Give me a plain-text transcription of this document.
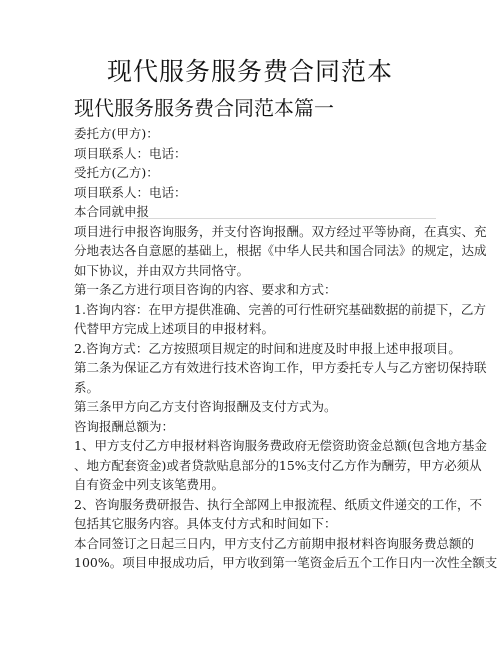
现代服务服务费合同范本
现代服务服务费合同范本篇一
委托方(甲方)：
项目联系人：电话：
受托方(乙方)：
项目联系人：电话：
本合同就申报
项目进行申报咨询服务，并支付咨询报酬。双方经过平等协商，在真实、充
分地表达各自意愿的基础上，根据《中华人民共和国合同法》的规定，达成
如下协议，并由双方共同恪守。
第一条乙方进行项目咨询的内容、要求和方式：
1.咨询内容：在甲方提供准确、完善的可行性研究基础数据的前提下，乙方
代替甲方完成上述项目的申报材料。
2.咨询方式：乙方按照项目规定的时间和进度及时申报上述申报项目。
第二条为保证乙方有效进行技术咨询工作，甲方委托专人与乙方密切保持联
系。
第三条甲方向乙方支付咨询报酬及支付方式为。
咨询报酬总额为：
1、甲方支付乙方申报材料咨询服务费政府无偿资助资金总额(包含地方基金
、地方配套资金)或者贷款贴息部分的15%支付乙方作为酬劳，甲方必须从
自有资金中列支该笔费用。
2、咨询服务费研报告、执行全部网上申报流程、纸质文件递交的工作，不
包括其它服务内容。具体支付方式和时间如下：
本合同签订之日起三日内，甲方支付乙方前期申报材料咨询服务费总额的
100%。项目申报成功后，甲方收到第一笔资金后五个工作日内一次性全额支
